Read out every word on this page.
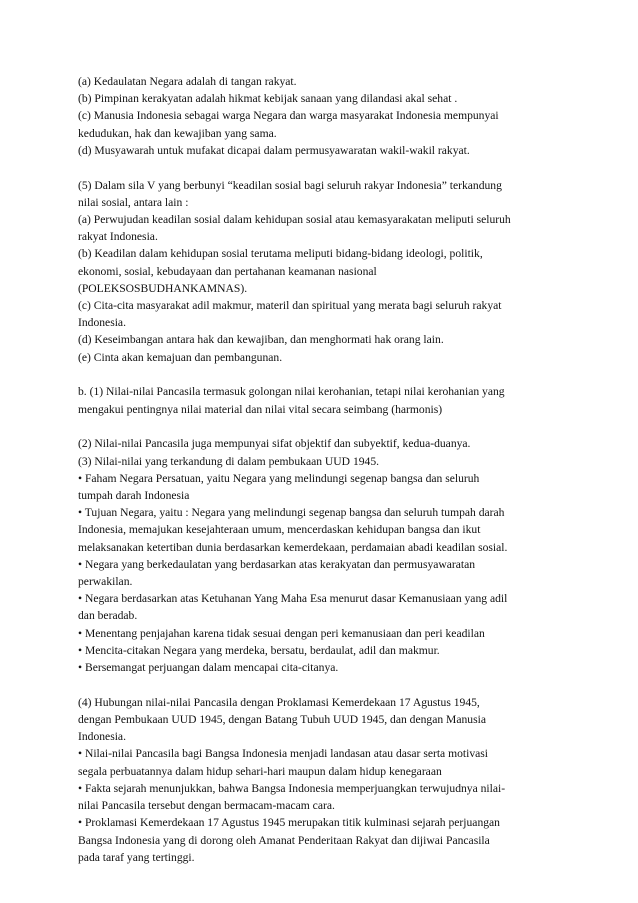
(a) Kedaulatan Negara adalah di tangan rakyat.
(b) Pimpinan kerakyatan adalah hikmat kebijak sanaan yang dilandasi akal sehat .
(c) Manusia Indonesia sebagai warga Negara dan warga masyarakat Indonesia mempunyai
kedudukan, hak dan kewajiban yang sama.
(d) Musyawarah untuk mufakat dicapai dalam permusyawaratan wakil-wakil rakyat.

(5) Dalam sila V yang berbunyi “keadilan sosial bagi seluruh rakyar Indonesia” terkandung
nilai sosial, antara lain :
(a) Perwujudan keadilan sosial dalam kehidupan sosial atau kemasyarakatan meliputi seluruh
rakyat Indonesia.
(b) Keadilan dalam kehidupan sosial terutama meliputi bidang-bidang ideologi, politik,
ekonomi, sosial, kebudayaan dan pertahanan keamanan nasional
(POLEKSOSBUDHANKAMNAS).
(c) Cita-cita masyarakat adil makmur, materil dan spiritual yang merata bagi seluruh rakyat
Indonesia.
(d) Keseimbangan antara hak dan kewajiban, dan menghormati hak orang lain.
(e) Cinta akan kemajuan dan pembangunan.

b. (1) Nilai-nilai Pancasila termasuk golongan nilai kerohanian, tetapi nilai kerohanian yang
mengakui pentingnya nilai material dan nilai vital secara seimbang (harmonis)

(2) Nilai-nilai Pancasila juga mempunyai sifat objektif dan subyektif, kedua-duanya.
(3) Nilai-nilai yang terkandung di dalam pembukaan UUD 1945.
• Faham Negara Persatuan, yaitu Negara yang melindungi segenap bangsa dan seluruh
tumpah darah Indonesia
• Tujuan Negara, yaitu : Negara yang melindungi segenap bangsa dan seluruh tumpah darah
Indonesia, memajukan kesejahteraan umum, mencerdaskan kehidupan bangsa dan ikut
melaksanakan ketertiban dunia berdasarkan kemerdekaan, perdamaian abadi keadilan sosial.
• Negara yang berkedaulatan yang berdasarkan atas kerakyatan dan permusyawaratan
perwakilan.
• Negara berdasarkan atas Ketuhanan Yang Maha Esa menurut dasar Kemanusiaan yang adil
dan beradab.
• Menentang penjajahan karena tidak sesuai dengan peri kemanusiaan dan peri keadilan
• Mencita-citakan Negara yang merdeka, bersatu, berdaulat, adil dan makmur.
• Bersemangat perjuangan dalam mencapai cita-citanya.

(4) Hubungan nilai-nilai Pancasila dengan Proklamasi Kemerdekaan 17 Agustus 1945,
dengan Pembukaan UUD 1945, dengan Batang Tubuh UUD 1945, dan dengan Manusia
Indonesia.
• Nilai-nilai Pancasila bagi Bangsa Indonesia menjadi landasan atau dasar serta motivasi
segala perbuatannya dalam hidup sehari-hari maupun dalam hidup kenegaraan
• Fakta sejarah menunjukkan, bahwa Bangsa Indonesia memperjuangkan terwujudnya nilai-
nilai Pancasila tersebut dengan bermacam-macam cara.
• Proklamasi Kemerdekaan 17 Agustus 1945 merupakan titik kulminasi sejarah perjuangan
Bangsa Indonesia yang di dorong oleh Amanat Penderitaan Rakyat dan dijiwai Pancasila
pada taraf yang tertinggi.
